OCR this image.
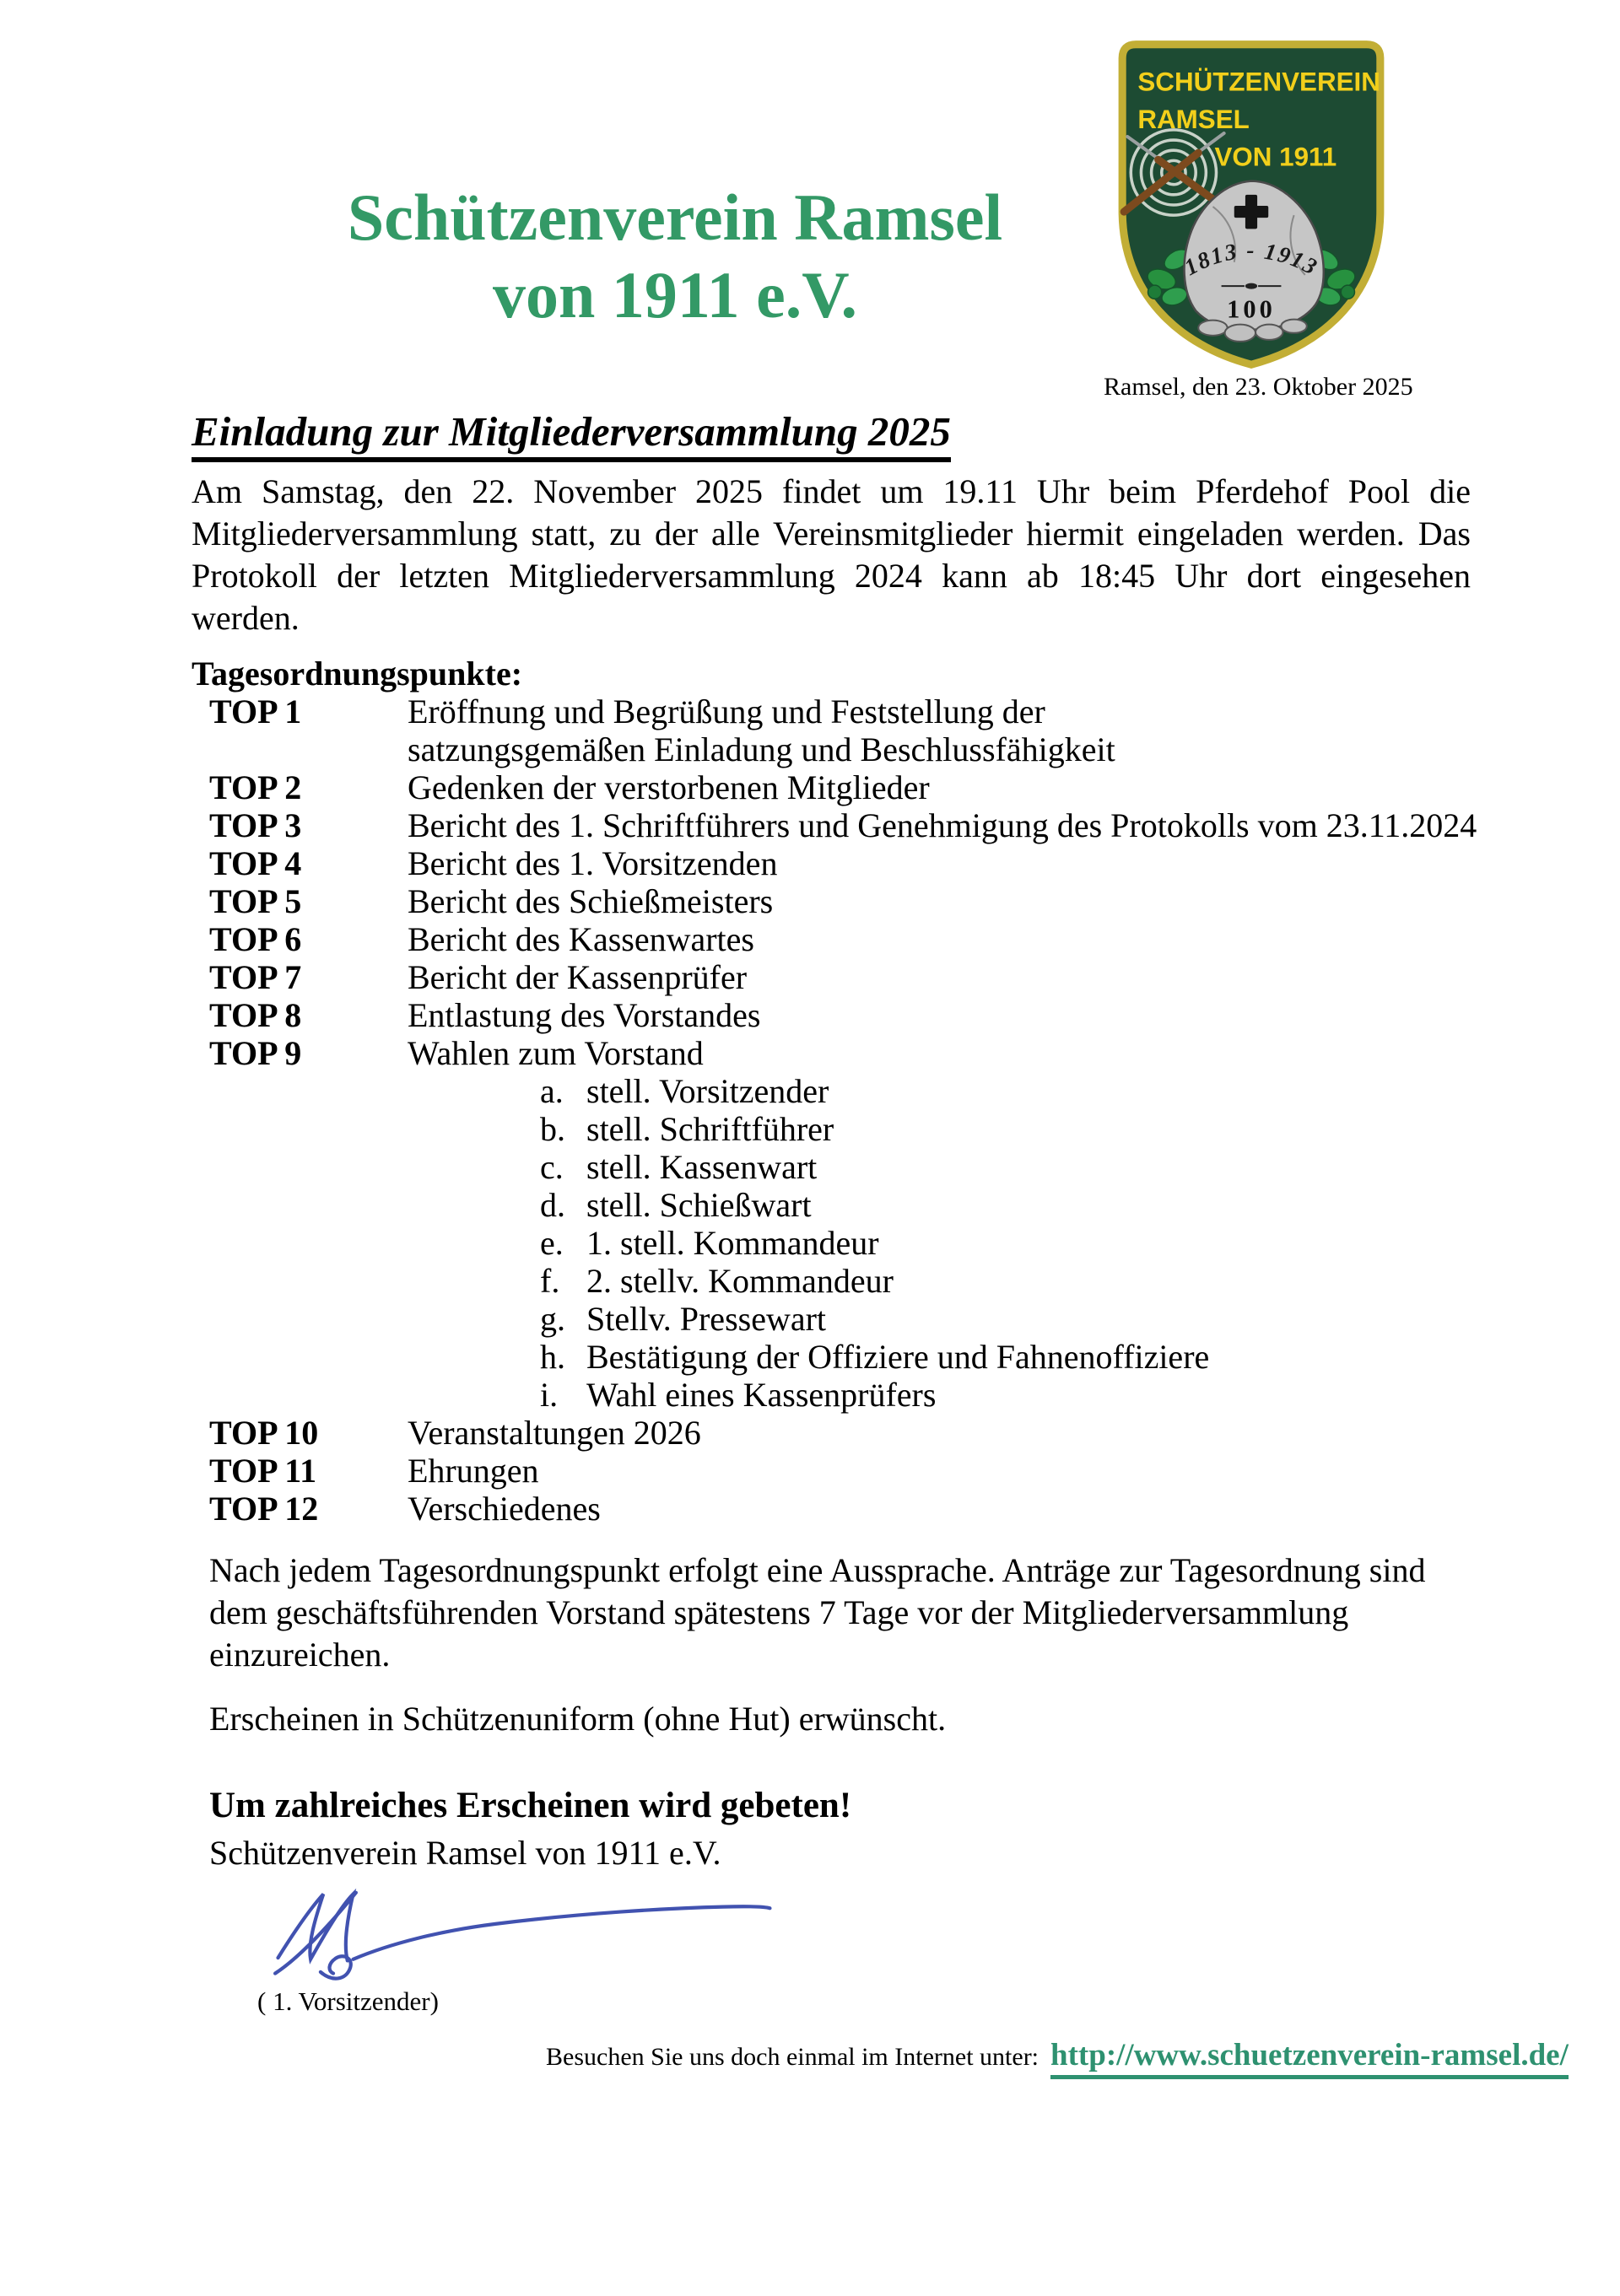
Schützenverein Ramsel
von 1911 e.V.
SCHÜTZENVEREIN
RAMSEL
VON 1911
1813 - 1913
100
Ramsel, den 23. Oktober 2025
Einladung zur Mitgliederversammlung 2025

Am Samstag, den 22. November 2025 findet um 19.11 Uhr beim Pferdehof Pool die Mitgliederversammlung statt, zu der alle Vereinsmitglieder hiermit eingeladen werden. Das Protokoll der letzten Mitgliederversammlung 2024 kann ab 18:45 Uhr dort eingesehen werden.

Tagesordnungspunkte:

TOP 1	Eröffnung und Begrüßung und Feststellung der
satzungsgemäßen Einladung und Beschlussfähigkeit
TOP 2	Gedenken der verstorbenen Mitglieder
TOP 3	Bericht des 1. Schriftführers und Genehmigung des Protokolls vom 23.11.2024
TOP 4	Bericht des 1. Vorsitzenden
TOP 5	Bericht des Schießmeisters
TOP 6	Bericht des Kassenwartes
TOP 7	Bericht der Kassenprüfer
TOP 8	Entlastung des Vorstandes
TOP 9	Wahlen zum Vorstand
a. stell. Vorsitzender
b. stell. Schriftführer
c. stell. Kassenwart
d. stell. Schießwart
e. 1. stell. Kommandeur
f. 2. stellv. Kommandeur
g. Stellv. Pressewart
h. Bestätigung der Offiziere und Fahnenoffiziere
i. Wahl eines Kassenprüfers
TOP 10	Veranstaltungen 2026
TOP 11	Ehrungen
TOP 12	Verschiedenes

Nach jedem Tagesordnungspunkt erfolgt eine Aussprache. Anträge zur Tagesordnung sind dem geschäftsführenden Vorstand spätestens 7 Tage vor der Mitgliederversammlung einzureichen.

Erscheinen in Schützenuniform (ohne Hut) erwünscht.

Um zahlreiches Erscheinen wird gebeten!

Schützenverein Ramsel von 1911 e.V.

( 1. Vorsitzender)

Besuchen Sie uns doch einmal im Internet unter: http://www.schuetzenverein-ramsel.de/
